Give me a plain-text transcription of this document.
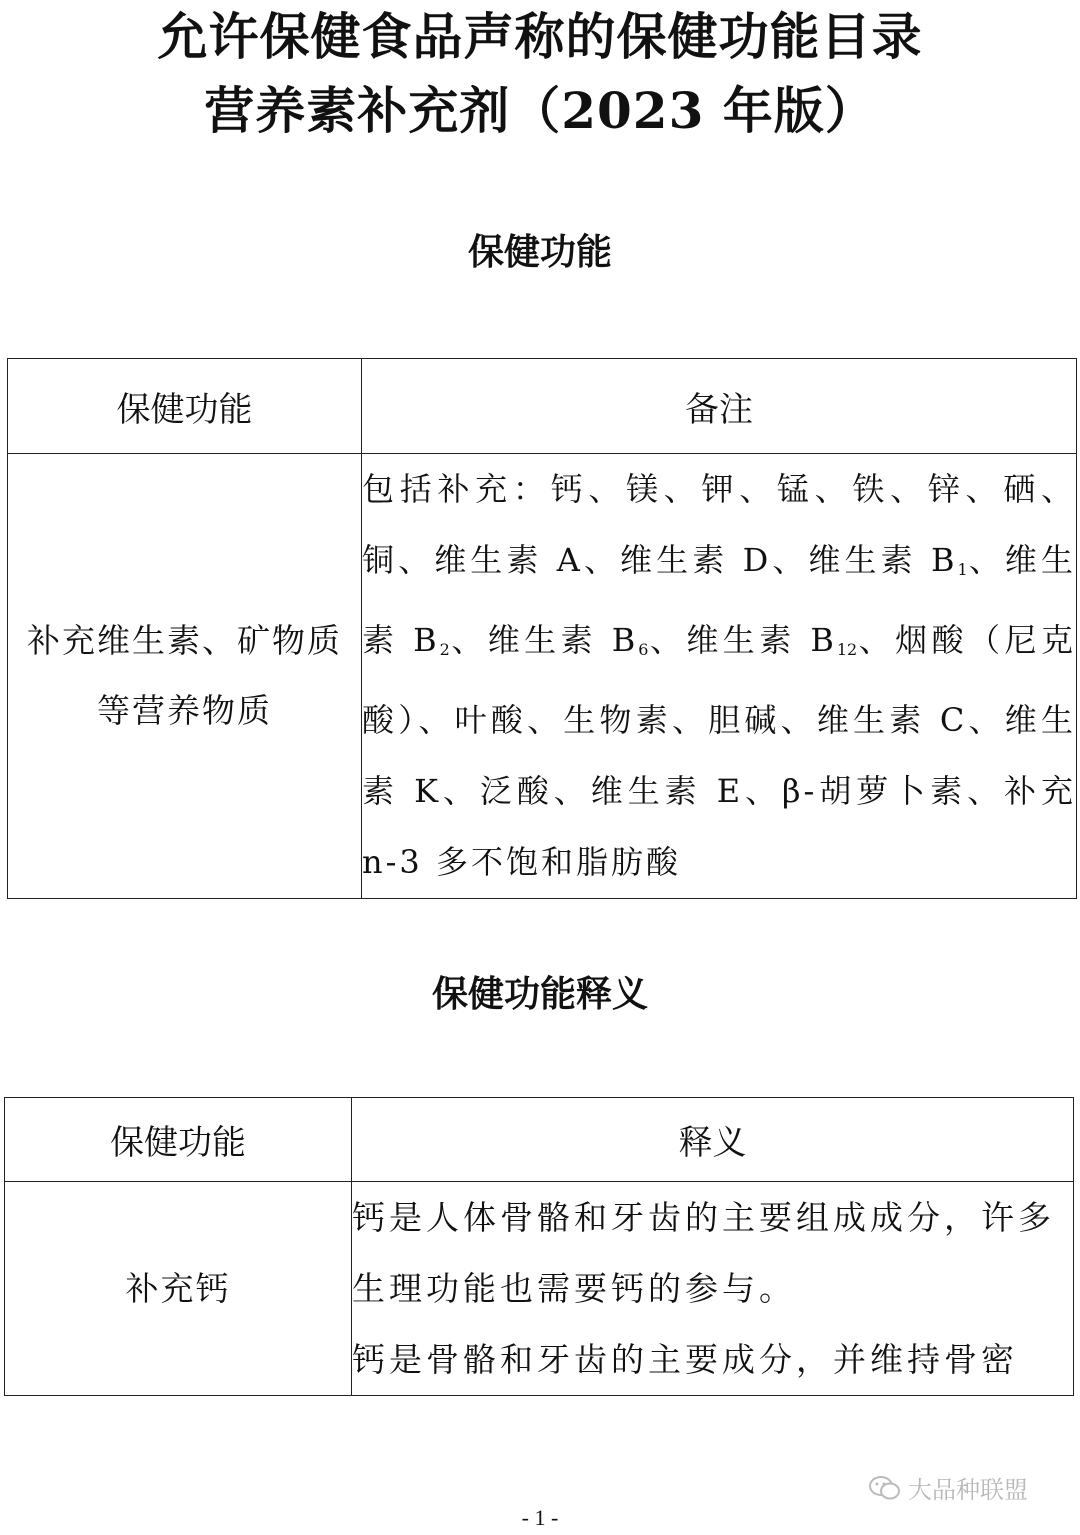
允许保健食品声称的保健功能目录
营养素补充剂（2023 年版）
保健功能
保健功能	备注

补充维生素、矿物质
等营养物质	包括补充：钙、镁、钾、锰、铁、锌、硒、铜、维生素 A、维生素 D、维生素 $B_1$、维生素 $B_2$、维生素 $B_6$、维生素 $B_{12}$、烟酸（尼克酸）、叶酸、生物素、胆碱、维生素 C、维生素 K、泛酸、维生素 E、β-胡萝卜素、补充 n-3 多不饱和脂肪酸
保健功能释义
保健功能	释义
补充钙	钙是人体骨骼和牙齿的主要组成成分，许多生理功能也需要钙的参与。
钙是骨骼和牙齿的主要成分，并维持骨密
大品种联盟
- 1 -
